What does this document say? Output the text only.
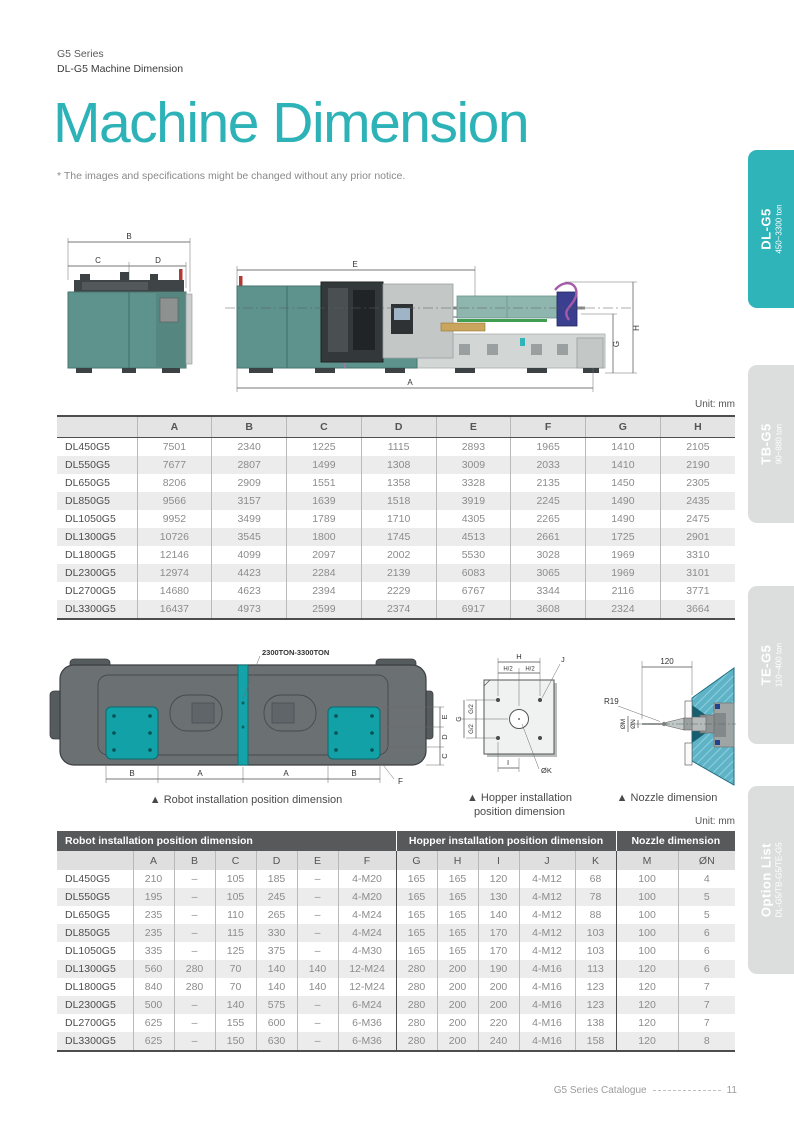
G5 Series
DL-G5 Machine Dimension
Machine Dimension
* The images and specifications might be changed without any prior notice.
DL-G5 450~3300 ton
TB-G5 90~880 ton
TE-G5 110~400 ton
Option List DL-G5/TB-G5/TE-G5
B
C	D	E
H
G
A
Unit: mm
	A	B	C	D	E	F	G	H
DL450G5	7501	2340	1225	1115	2893	1965	1410	2105
DL550G5	7677	2807	1499	1308	3009	2033	1410	2190
DL650G5	8206	2909	1551	1358	3328	2135	1450	2305
DL850G5	9566	3157	1639	1518	3919	2245	1490	2435
DL1050G5	9952	3499	1789	1710	4305	2265	1490	2475
DL1300G5	10726	3545	1800	1745	4513	2661	1725	2901
DL1800G5	12146	4099	2097	2002	5530	3028	1969	3310
DL2300G5	12974	4423	2284	2139	6083	3065	1969	3101
DL2700G5	14680	4623	2394	2229	6767	3344	2116	3771
DL3300G5	16437	4973	2599	2374	6917	3608	2324	3664
2300TON-3300TON
B	A	A	B
F
E
D
C
▲ Robot installation position dimension
H
H/2 H/2
J
G/2
G/2
G
I
ØK
▲ Hopper installation
position dimension
120
R19
ØM ØN
▲ Nozzle dimension
Unit: mm
Robot installation position dimension							Hopper installation position dimension					Nozzle dimension	
	A	B	C	D	E	F	G	H	I	J	K	M	ØN
DL450G5	210	–	105	185	–	4-M20	165	165	120	4-M12	68	100	4
DL550G5	195	–	105	245	–	4-M20	165	165	130	4-M12	78	100	5
DL650G5	235	–	110	265	–	4-M24	165	165	140	4-M12	88	100	5
DL850G5	235	–	115	330	–	4-M24	165	165	170	4-M12	103	100	6
DL1050G5	335	–	125	375	–	4-M30	165	165	170	4-M12	103	100	6
DL1300G5	560	280	70	140	140	12-M24	280	200	190	4-M16	113	120	6
DL1800G5	840	280	70	140	140	12-M24	280	200	200	4-M16	123	120	7
DL2300G5	500	–	140	575	–	6-M24	280	200	200	4-M16	123	120	7
DL2700G5	625	–	155	600	–	6-M36	280	200	220	4-M16	138	120	7
DL3300G5	625	–	150	630	–	6-M36	280	200	240	4-M16	158	120	8
G5 Series Catalogue	11
